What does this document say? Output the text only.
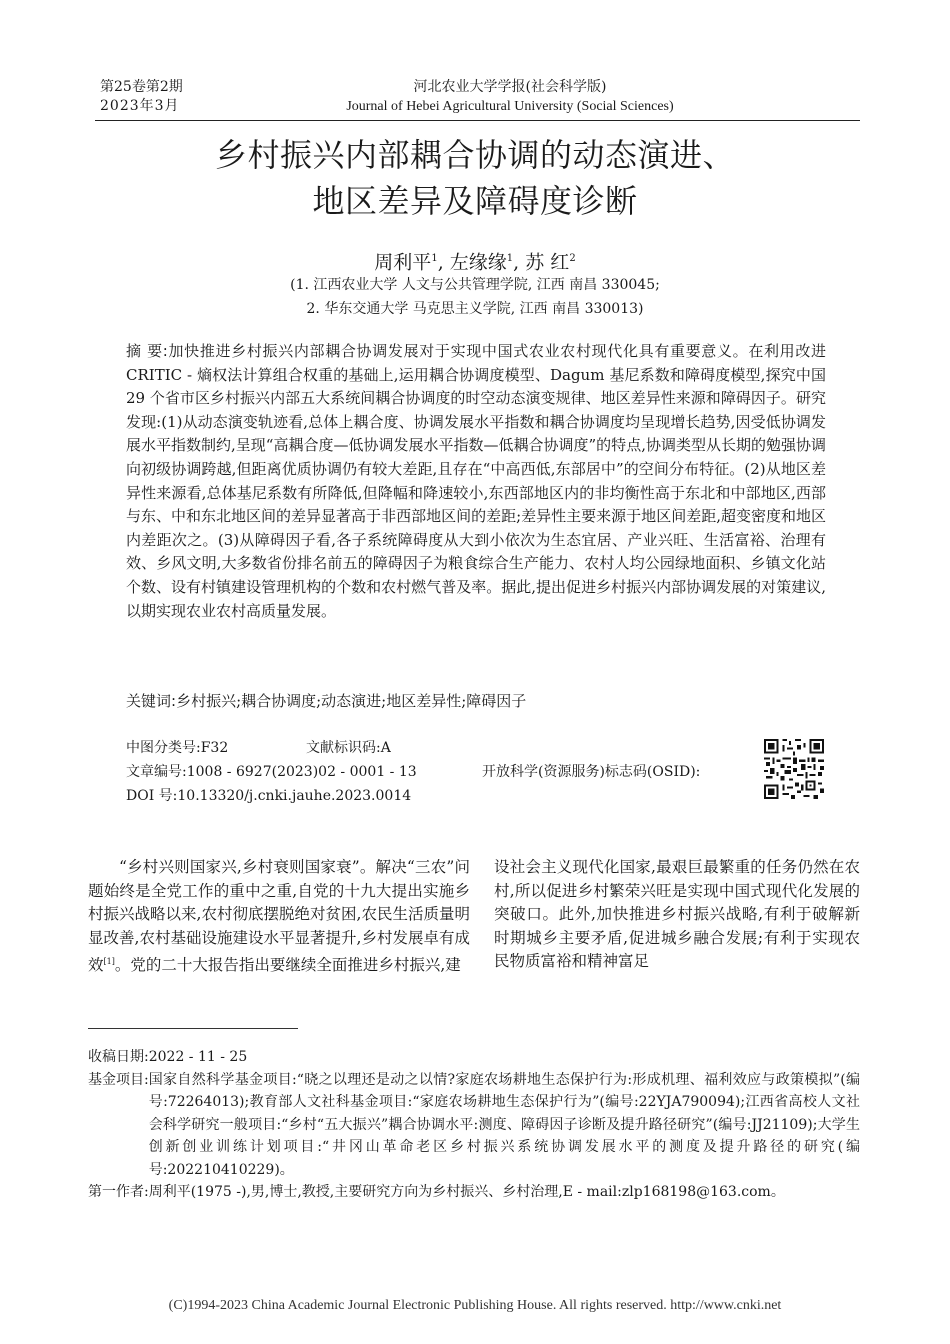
第25卷第2期
2023年3月
河北农业大学学报(社会科学版)
Journal of Hebei Agricultural University (Social Sciences)
乡村振兴内部耦合协调的动态演进、
地区差异及障碍度诊断
周利平$^1$, 左缘缘$^1$, 苏 红$^2$
(1. 江西农业大学 人文与公共管理学院, 江西 南昌 330045;
2. 华东交通大学 马克思主义学院, 江西 南昌 330013)
摘 要:加快推进乡村振兴内部耦合协调发展对于实现中国式农业农村现代化具有重要意义。在利用改进 CRITIC - 熵权法计算组合权重的基础上,运用耦合协调度模型、Dagum 基尼系数和障碍度模型,探究中国 29 个省市区乡村振兴内部五大系统间耦合协调度的时空动态演变规律、地区差异性来源和障碍因子。研究发现:(1)从动态演变轨迹看,总体上耦合度、协调发展水平指数和耦合协调度均呈现增长趋势,因受低协调发展水平指数制约,呈现“高耦合度—低协调发展水平指数—低耦合协调度”的特点,协调类型从长期的勉强协调向初级协调跨越,但距离优质协调仍有较大差距,且存在“中高西低,东部居中”的空间分布特征。(2)从地区差异性来源看,总体基尼系数有所降低,但降幅和降速较小,东西部地区内的非均衡性高于东北和中部地区,西部与东、中和东北地区间的差异显著高于非西部地区间的差距;差异性主要来源于地区间差距,超变密度和地区内差距次之。(3)从障碍因子看,各子系统障碍度从大到小依次为生态宜居、产业兴旺、生活富裕、治理有效、乡风文明,大多数省份排名前五的障碍因子为粮食综合生产能力、农村人均公园绿地面积、乡镇文化站个数、设有村镇建设管理机构的个数和农村燃气普及率。据此,提出促进乡村振兴内部协调发展的对策建议,以期实现农业农村高质量发展。
关键词:乡村振兴;耦合协调度;动态演进;地区差异性;障碍因子
中图分类号:F32	文献标识码:A
文章编号:1008 - 6927(2023)02 - 0001 - 13
DOI 号:10.13320/j.cnki.jauhe.2023.0014
开放科学(资源服务)标志码(OSID):
“乡村兴则国家兴,乡村衰则国家衰”。解决“三农”问题始终是全党工作的重中之重,自党的十九大提出实施乡村振兴战略以来,农村彻底摆脱绝对贫困,农民生活质量明显改善,农村基础设施建设水平显著提升,乡村发展卓有成效[1]。党的二十大报告指出要继续全面推进乡村振兴,建
设社会主义现代化国家,最艰巨最繁重的任务仍然在农村,所以促进乡村繁荣兴旺是实现中国式现代化发展的突破口。此外,加快推进乡村振兴战略,有利于破解新时期城乡主要矛盾,促进城乡融合发展;有利于实现农民物质富裕和精神富足
收稿日期: 2022 - 11 - 25
基金项目: 国家自然科学基金项目:“晓之以理还是动之以情?家庭农场耕地生态保护行为:形成机理、福利效应与政策模拟”(编号:72264013);教育部人文社科基金项目:“家庭农场耕地生态保护行为”(编号:22YJA790094);江西省高校人文社会科学研究一般项目:“乡村“五大振兴”耦合协调水平:测度、障碍因子诊断及提升路径研究”(编号:JJ21109);大学生创新创业训练计划项目:“井冈山革命老区乡村振兴系统协调发展水平的测度及提升路径的研究(编号:202210410229)。
第一作者: 周利平(1975 -),男,博士,教授,主要研究方向为乡村振兴、乡村治理,E - mail:zlp168198@163.com。
(C)1994-2023 China Academic Journal Electronic Publishing House. All rights reserved. http://www.cnki.net
